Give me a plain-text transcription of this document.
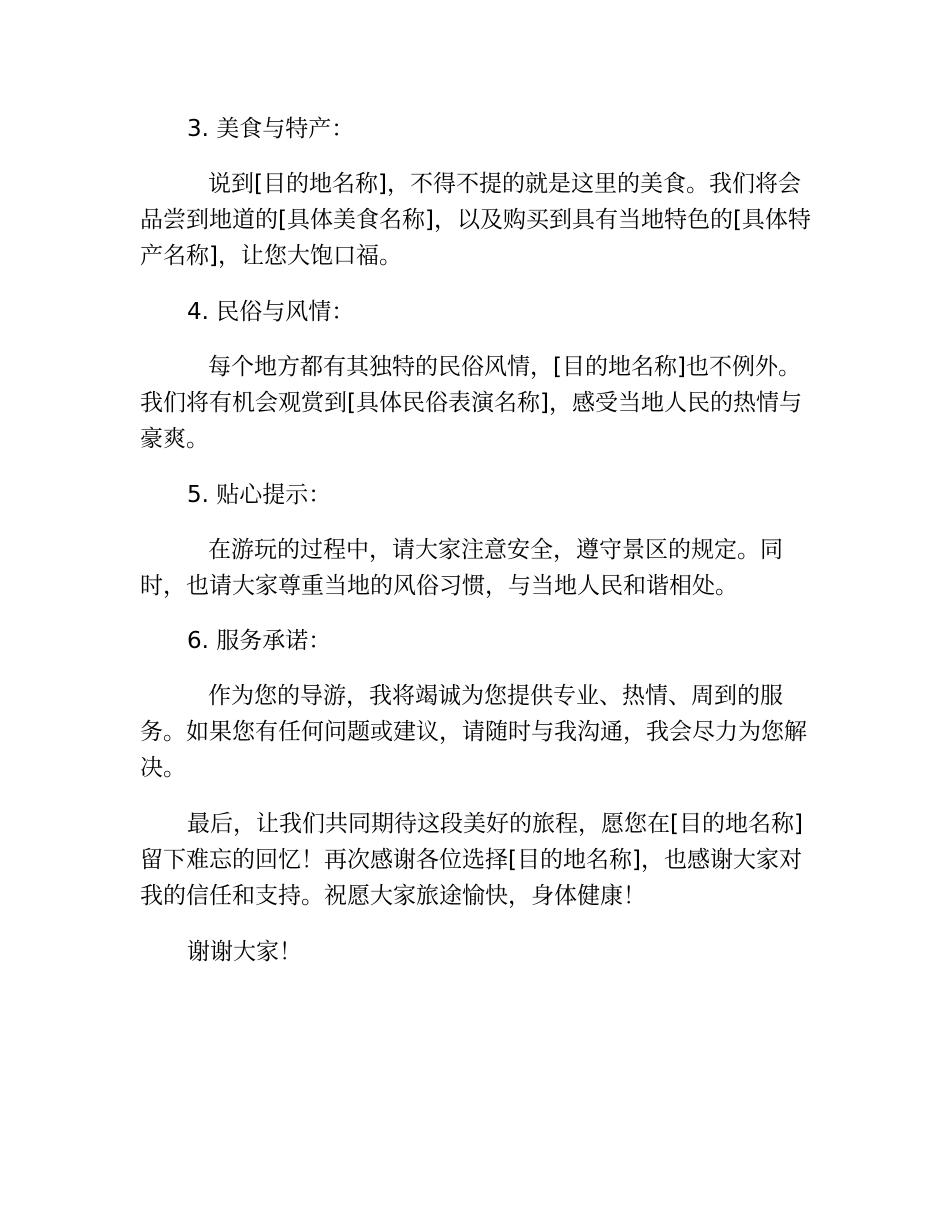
3. 美食与特产：

说到[目的地名称]，不得不提的就是这里的美食。我们将会品尝到地道的[具体美食名称]，以及购买到具有当地特色的[具体特产名称]，让您大饱口福。

4. 民俗与风情：

每个地方都有其独特的民俗风情，[目的地名称]也不例外。我们将有机会观赏到[具体民俗表演名称]，感受当地人民的热情与豪爽。

5. 贴心提示：

在游玩的过程中，请大家注意安全，遵守景区的规定。同时，也请大家尊重当地的风俗习惯，与当地人民和谐相处。

6. 服务承诺：

作为您的导游，我将竭诚为您提供专业、热情、周到的服务。如果您有任何问题或建议，请随时与我沟通，我会尽力为您解决。

最后，让我们共同期待这段美好的旅程，愿您在[目的地名称]留下难忘的回忆！再次感谢各位选择[目的地名称]，也感谢大家对我的信任和支持。祝愿大家旅途愉快，身体健康！

谢谢大家！
